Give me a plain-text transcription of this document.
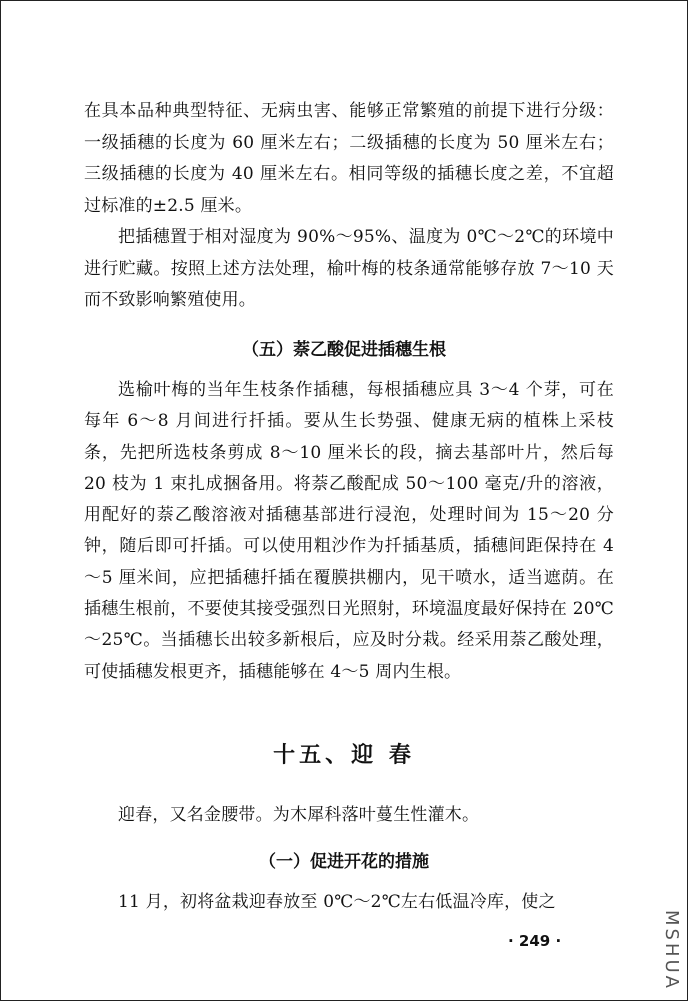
在具本品种典型特征、无病虫害、能够正常繁殖的前提下进行分级：一级插穗的长度为 60 厘米左右；二级插穗的长度为 50 厘米左右；三级插穗的长度为 40 厘米左右。相同等级的插穗长度之差，不宜超过标准的±2.5 厘米。
把插穗置于相对湿度为 90%～95%、温度为 0℃～2℃的环境中进行贮藏。按照上述方法处理，榆叶梅的枝条通常能够存放 7～10 天而不致影响繁殖使用。
（五）萘乙酸促进插穗生根
选榆叶梅的当年生枝条作插穗，每根插穗应具 3～4 个芽，可在每年 6～8 月间进行扦插。要从生长势强、健康无病的植株上采枝条，先把所选枝条剪成 8～10 厘米长的段，摘去基部叶片，然后每 20 枝为 1 束扎成捆备用。将萘乙酸配成 50～100 毫克/升的溶液，用配好的萘乙酸溶液对插穗基部进行浸泡，处理时间为 15～20 分钟，随后即可扦插。可以使用粗沙作为扦插基质，插穗间距保持在 4～5 厘米间，应把插穗扦插在覆膜拱棚内，见干喷水，适当遮荫。在插穗生根前，不要使其接受强烈日光照射，环境温度最好保持在 20℃～25℃。当插穗长出较多新根后，应及时分栽。经采用萘乙酸处理，可使插穗发根更齐，插穗能够在 4～5 周内生根。
十五、迎 春
迎春，又名金腰带。为木犀科落叶蔓生性灌木。
（一）促进开花的措施
11 月，初将盆栽迎春放至 0℃～2℃左右低温冷库，使之
· 249 ·	MSHUA
